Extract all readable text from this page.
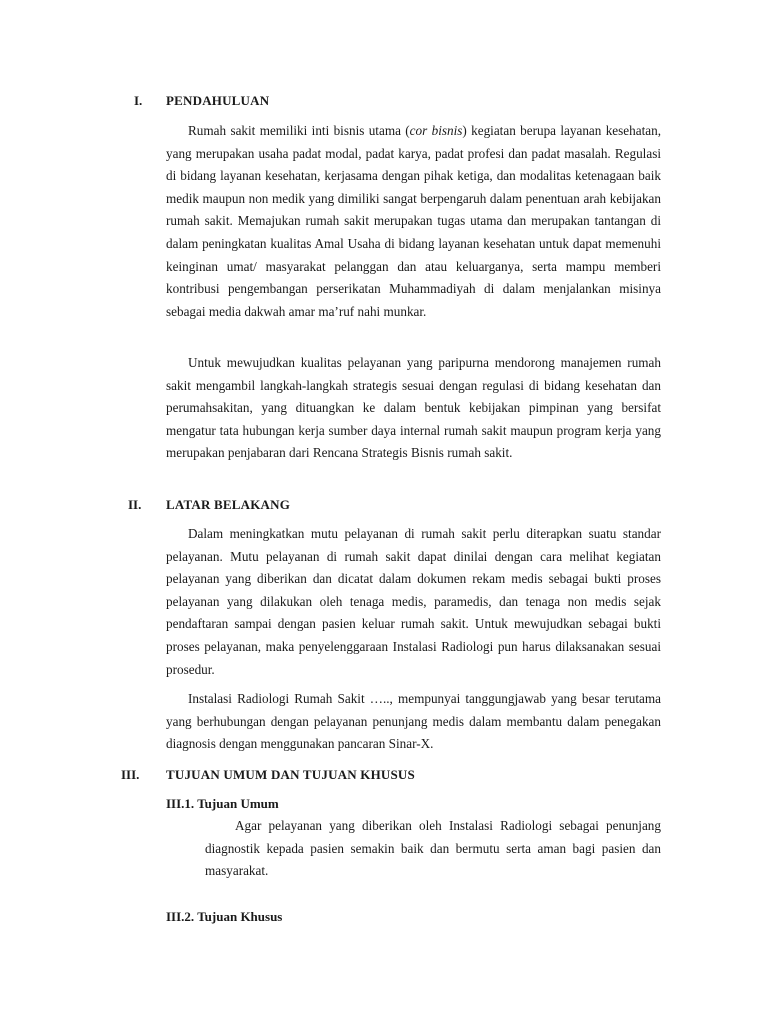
I. PENDAHULUAN

Rumah sakit memiliki inti bisnis utama (cor bisnis) kegiatan berupa layanan kesehatan, yang merupakan usaha padat modal, padat karya, padat profesi dan padat masalah. Regulasi di bidang layanan kesehatan, kerjasama dengan pihak ketiga, dan modalitas ketenagaan baik medik maupun non medik yang dimiliki sangat berpengaruh dalam penentuan arah kebijakan rumah sakit. Memajukan rumah sakit merupakan tugas utama dan merupakan tantangan di dalam peningkatan kualitas Amal Usaha di bidang layanan kesehatan untuk dapat memenuhi keinginan umat/ masyarakat pelanggan dan atau keluarganya, serta mampu memberi kontribusi pengembangan perserikatan Muhammadiyah di dalam menjalankan misinya sebagai media dakwah amar ma’ruf nahi munkar.

Untuk mewujudkan kualitas pelayanan yang paripurna mendorong manajemen rumah sakit mengambil langkah-langkah strategis sesuai dengan regulasi di bidang kesehatan dan perumahsakitan, yang dituangkan ke dalam bentuk kebijakan pimpinan yang bersifat mengatur tata hubungan kerja sumber daya internal rumah sakit maupun program kerja yang merupakan penjabaran dari Rencana Strategis Bisnis rumah sakit.

II. LATAR BELAKANG

Dalam meningkatkan mutu pelayanan di rumah sakit perlu diterapkan suatu standar pelayanan. Mutu pelayanan di rumah sakit dapat dinilai dengan cara melihat kegiatan pelayanan yang diberikan dan dicatat dalam dokumen rekam medis sebagai bukti proses pelayanan yang dilakukan oleh tenaga medis, paramedis, dan tenaga non medis sejak pendaftaran sampai dengan pasien keluar rumah sakit. Untuk mewujudkan sebagai bukti proses pelayanan, maka penyelenggaraan Instalasi Radiologi pun harus dilaksanakan sesuai prosedur.

Instalasi Radiologi Rumah Sakit ….., mempunyai tanggungjawab yang besar terutama yang berhubungan dengan pelayanan penunjang medis dalam membantu dalam penegakan diagnosis dengan menggunakan pancaran Sinar-X.

III. TUJUAN UMUM DAN TUJUAN KHUSUS
III.1. Tujuan Umum

Agar pelayanan yang diberikan oleh Instalasi Radiologi sebagai penunjang diagnostik kepada pasien semakin baik dan bermutu serta aman bagi pasien dan masyarakat.

III.2. Tujuan Khusus
